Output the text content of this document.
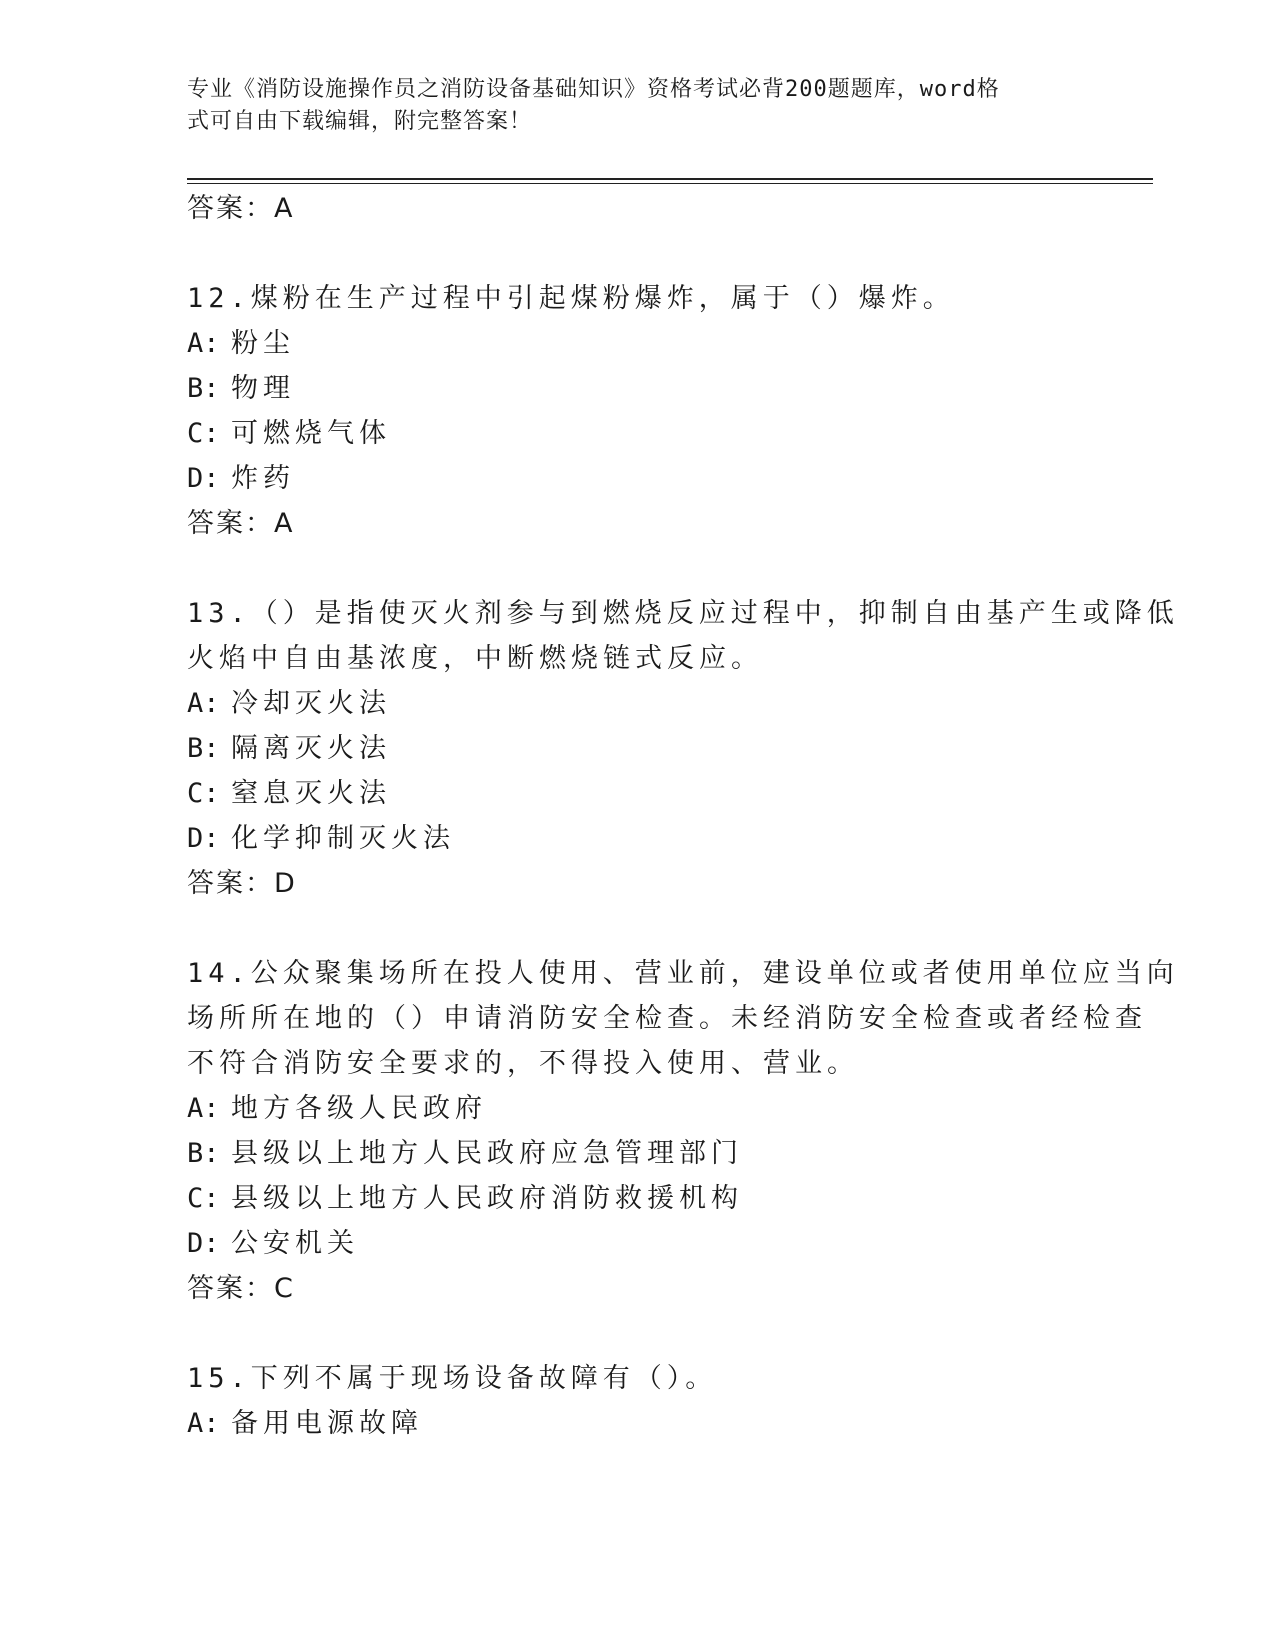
专业《消防设施操作员之消防设备基础知识》资格考试必背200题题库，word格
式可自由下载编辑，附完整答案！
答案：A
12.煤粉在生产过程中引起煤粉爆炸，属于（）爆炸。
A: 粉尘
B: 物理
C: 可燃烧气体
D: 炸药
答案：A
13.（）是指使灭火剂参与到燃烧反应过程中，抑制自由基产生或降低
火焰中自由基浓度，中断燃烧链式反应。
A: 冷却灭火法
B: 隔离灭火法
C: 窒息灭火法
D: 化学抑制灭火法
答案：D
14.公众聚集场所在投人使用、营业前，建设单位或者使用单位应当向
场所所在地的（）申请消防安全检查。未经消防安全检查或者经检查
不符合消防安全要求的，不得投入使用、营业。
A: 地方各级人民政府
B: 县级以上地方人民政府应急管理部门
C: 县级以上地方人民政府消防救援机构
D: 公安机关
答案：C
15.下列不属于现场设备故障有（）。
A: 备用电源故障
